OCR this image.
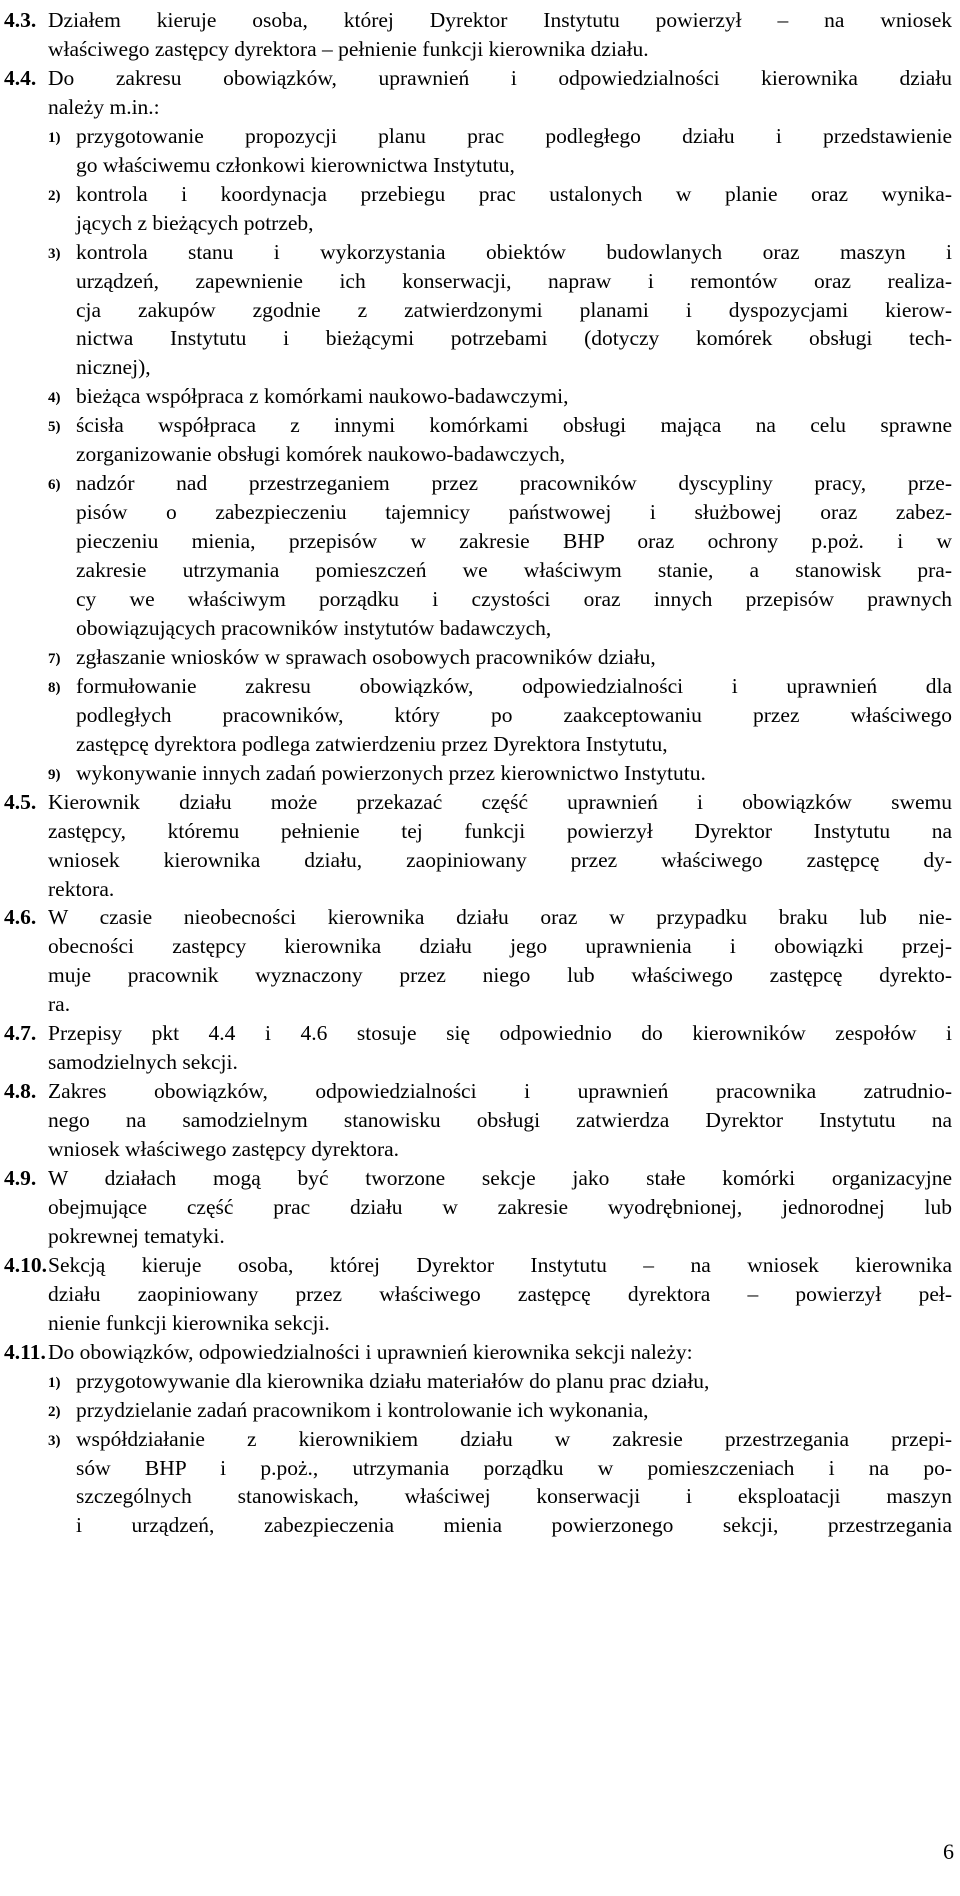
4.3. Działem kieruje osoba, której Dyrektor Instytutu powierzył – na wniosek
właściwego zastępcy dyrektora – pełnienie funkcji kierownika działu.
4.4. Do zakresu obowiązków, uprawnień i odpowiedzialności kierownika działu
należy m.in.:
1) przygotowanie propozycji planu prac podległego działu i przedstawienie
go właściwemu członkowi kierownictwa Instytutu,
2) kontrola i koordynacja przebiegu prac ustalonych w planie oraz wynika-
jących z bieżących potrzeb,
3) kontrola stanu i wykorzystania obiektów budowlanych oraz maszyn i
urządzeń, zapewnienie ich konserwacji, napraw i remontów oraz realiza-
cja zakupów zgodnie z zatwierdzonymi planami i dyspozycjami kierow-
nictwa Instytutu i bieżącymi potrzebami (dotyczy komórek obsługi tech-
nicznej),
4) bieżąca współpraca z komórkami naukowo-badawczymi,
5) ścisła współpraca z innymi komórkami obsługi mająca na celu sprawne
zorganizowanie obsługi komórek naukowo-badawczych,
6) nadzór nad przestrzeganiem przez pracowników dyscypliny pracy, prze-
pisów o zabezpieczeniu tajemnicy państwowej i służbowej oraz zabez-
pieczeniu mienia, przepisów w zakresie BHP oraz ochrony p.poż. i w
zakresie utrzymania pomieszczeń we właściwym stanie, a stanowisk pra-
cy we właściwym porządku i czystości oraz innych przepisów prawnych
obowiązujących pracowników instytutów badawczych,
7) zgłaszanie wniosków w sprawach osobowych pracowników działu,
8) formułowanie zakresu obowiązków, odpowiedzialności i uprawnień dla
podległych pracowników, który po zaakceptowaniu przez właściwego
zastępcę dyrektora podlega zatwierdzeniu przez Dyrektora Instytutu,
9) wykonywanie innych zadań powierzonych przez kierownictwo Instytutu.
4.5. Kierownik działu może przekazać część uprawnień i obowiązków swemu
zastępcy, któremu pełnienie tej funkcji powierzył Dyrektor Instytutu na
wniosek kierownika działu, zaopiniowany przez właściwego zastępcę dy-
rektora.
4.6. W czasie nieobecności kierownika działu oraz w przypadku braku lub nie-
obecności zastępcy kierownika działu jego uprawnienia i obowiązki przej-
muje pracownik wyznaczony przez niego lub właściwego zastępcę dyrekto-
ra.
4.7. Przepisy pkt 4.4 i 4.6 stosuje się odpowiednio do kierowników zespołów i
samodzielnych sekcji.
4.8. Zakres obowiązków, odpowiedzialności i uprawnień pracownika zatrudnio-
nego na samodzielnym stanowisku obsługi zatwierdza Dyrektor Instytutu na
wniosek właściwego zastępcy dyrektora.
4.9. W działach mogą być tworzone sekcje jako stałe komórki organizacyjne
obejmujące część prac działu w zakresie wyodrębnionej, jednorodnej lub
pokrewnej tematyki.
4.10. Sekcją kieruje osoba, której Dyrektor Instytutu – na wniosek kierownika
działu zaopiniowany przez właściwego zastępcę dyrektora – powierzył peł-
nienie funkcji kierownika sekcji.
4.11. Do obowiązków, odpowiedzialności i uprawnień kierownika sekcji należy:
1) przygotowywanie dla kierownika działu materiałów do planu prac działu,
2) przydzielanie zadań pracownikom i kontrolowanie ich wykonania,
3) współdziałanie z kierownikiem działu w zakresie przestrzegania przepi-
sów BHP i p.poż., utrzymania porządku w pomieszczeniach i na po-
szczególnych stanowiskach, właściwej konserwacji i eksploatacji maszyn
i urządzeń, zabezpieczenia mienia powierzonego sekcji, przestrzegania
6
